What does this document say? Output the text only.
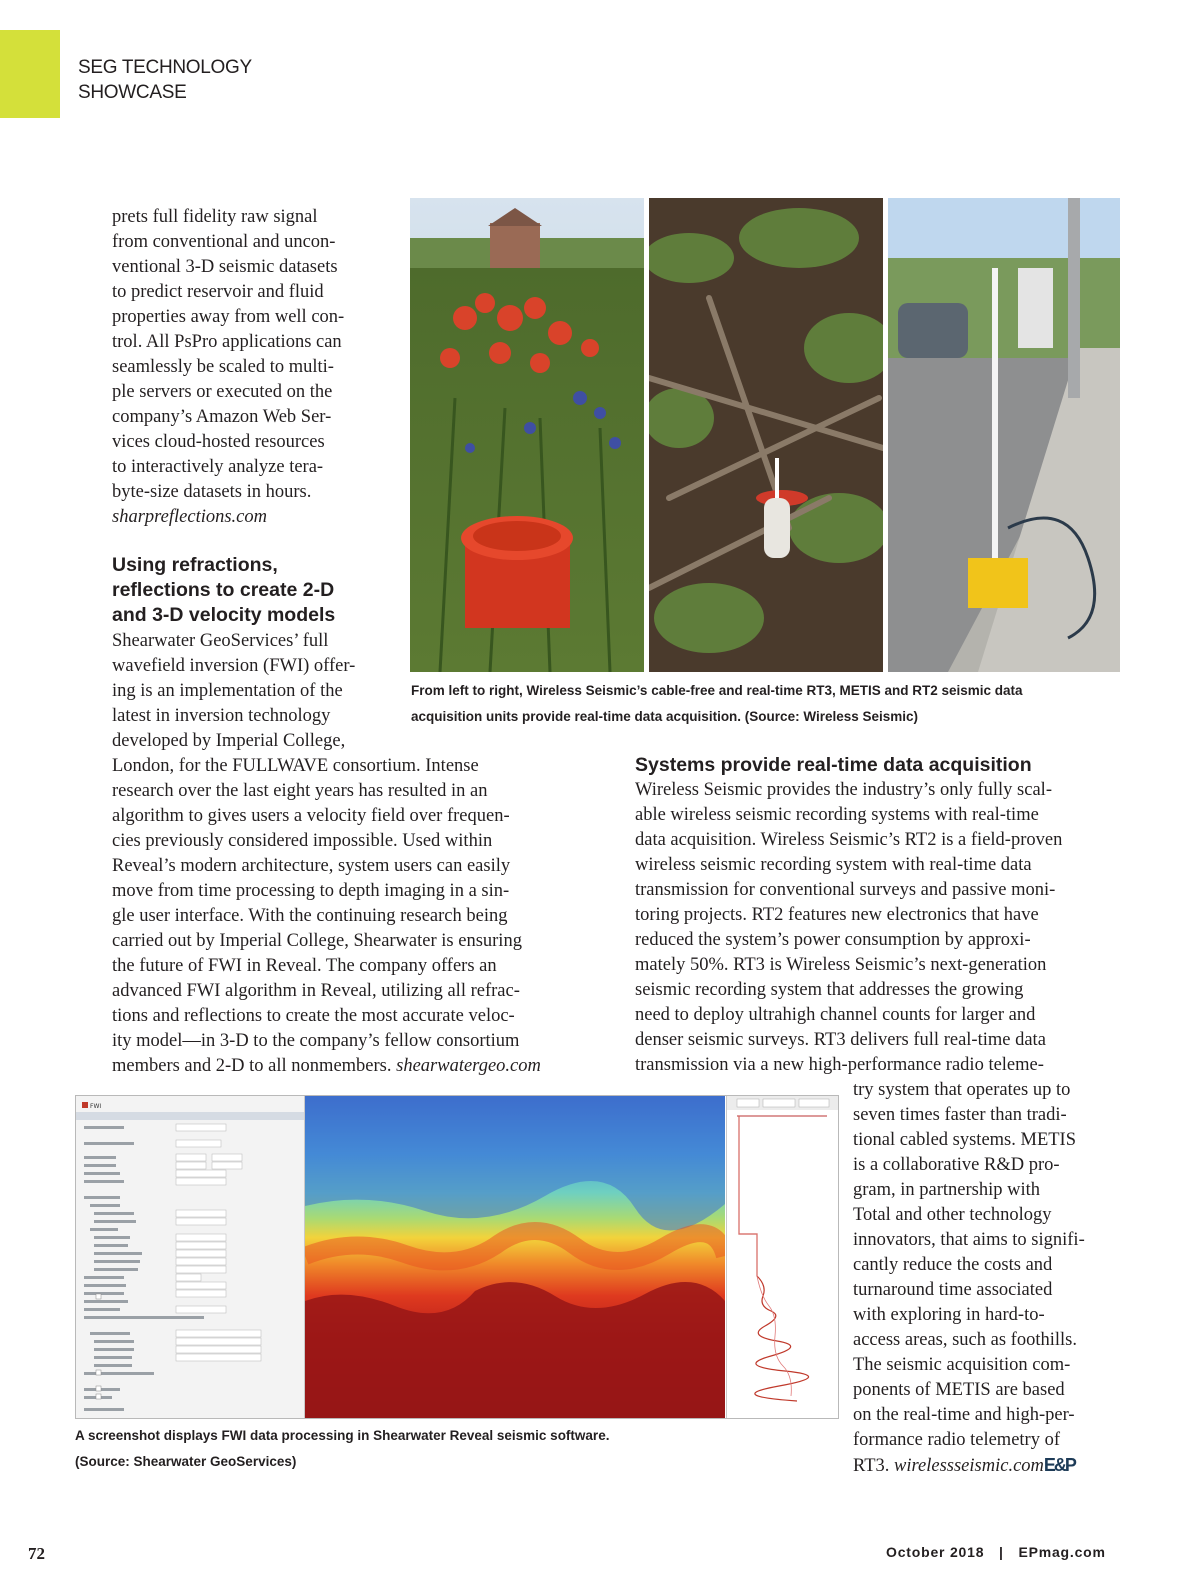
SEG TECHNOLOGY
SHOWCASE
prets full fidelity raw signal
from conventional and uncon-
ventional 3-D seismic datasets
to predict reservoir and fluid
properties away from well con-
trol. All PsPro applications can
seamlessly be scaled to multi-
ple servers or executed on the
company’s Amazon Web Ser-
vices cloud-hosted resources
to interactively analyze tera-
byte-size datasets in hours.
sharpreflections.com
Using refractions,
reflections to create 2-D
and 3-D velocity models
Shearwater GeoServices’ full
wavefield inversion (FWI) offer-
ing is an implementation of the
latest in inversion technology
developed by Imperial College,
London, for the FULLWAVE consortium. Intense
research over the last eight years has resulted in an
algorithm to gives users a velocity field over frequen-
cies previously considered impossible. Used within
Reveal’s modern architecture, system users can easily
move from time processing to depth imaging in a sin-
gle user interface. With the continuing research being
carried out by Imperial College, Shearwater is ensuring
the future of FWI in Reveal. The company offers an
advanced FWI algorithm in Reveal, utilizing all refrac-
tions and reflections to create the most accurate veloc-
ity model—in 3-D to the company’s fellow consortium
members and 2-D to all nonmembers. shearwatergeo.com
From left to right, Wireless Seismic’s cable-free and real-time RT3, METIS and RT2 seismic data
acquisition units provide real-time data acquisition. (Source: Wireless Seismic)
Systems provide real-time data acquisition
Wireless Seismic provides the industry’s only fully scal-
able wireless seismic recording systems with real-time
data acquisition. Wireless Seismic’s RT2 is a field-proven
wireless seismic recording system with real-time data
transmission for conventional surveys and passive moni-
toring projects. RT2 features new electronics that have
reduced the system’s power consumption by approxi-
mately 50%. RT3 is Wireless Seismic’s next-generation
seismic recording system that addresses the growing
need to deploy ultrahigh channel counts for larger and
denser seismic surveys. RT3 delivers full real-time data
transmission via a new high-performance radio teleme-
try system that operates up to
seven times faster than tradi-
tional cabled systems. METIS
is a collaborative R&D pro-
gram, in partnership with
Total and other technology
innovators, that aims to signifi-
cantly reduce the costs and
turnaround time associated
with exploring in hard-to-
access areas, such as foothills.
The seismic acquisition com-
ponents of METIS are based
on the real-time and high-per-
formance radio telemetry of
RT3. wirelessseismic.comE&P
FWI
A screenshot displays FWI data processing in Shearwater Reveal seismic software.
(Source: Shearwater GeoServices)
72	October 2018 | EPmag.com
